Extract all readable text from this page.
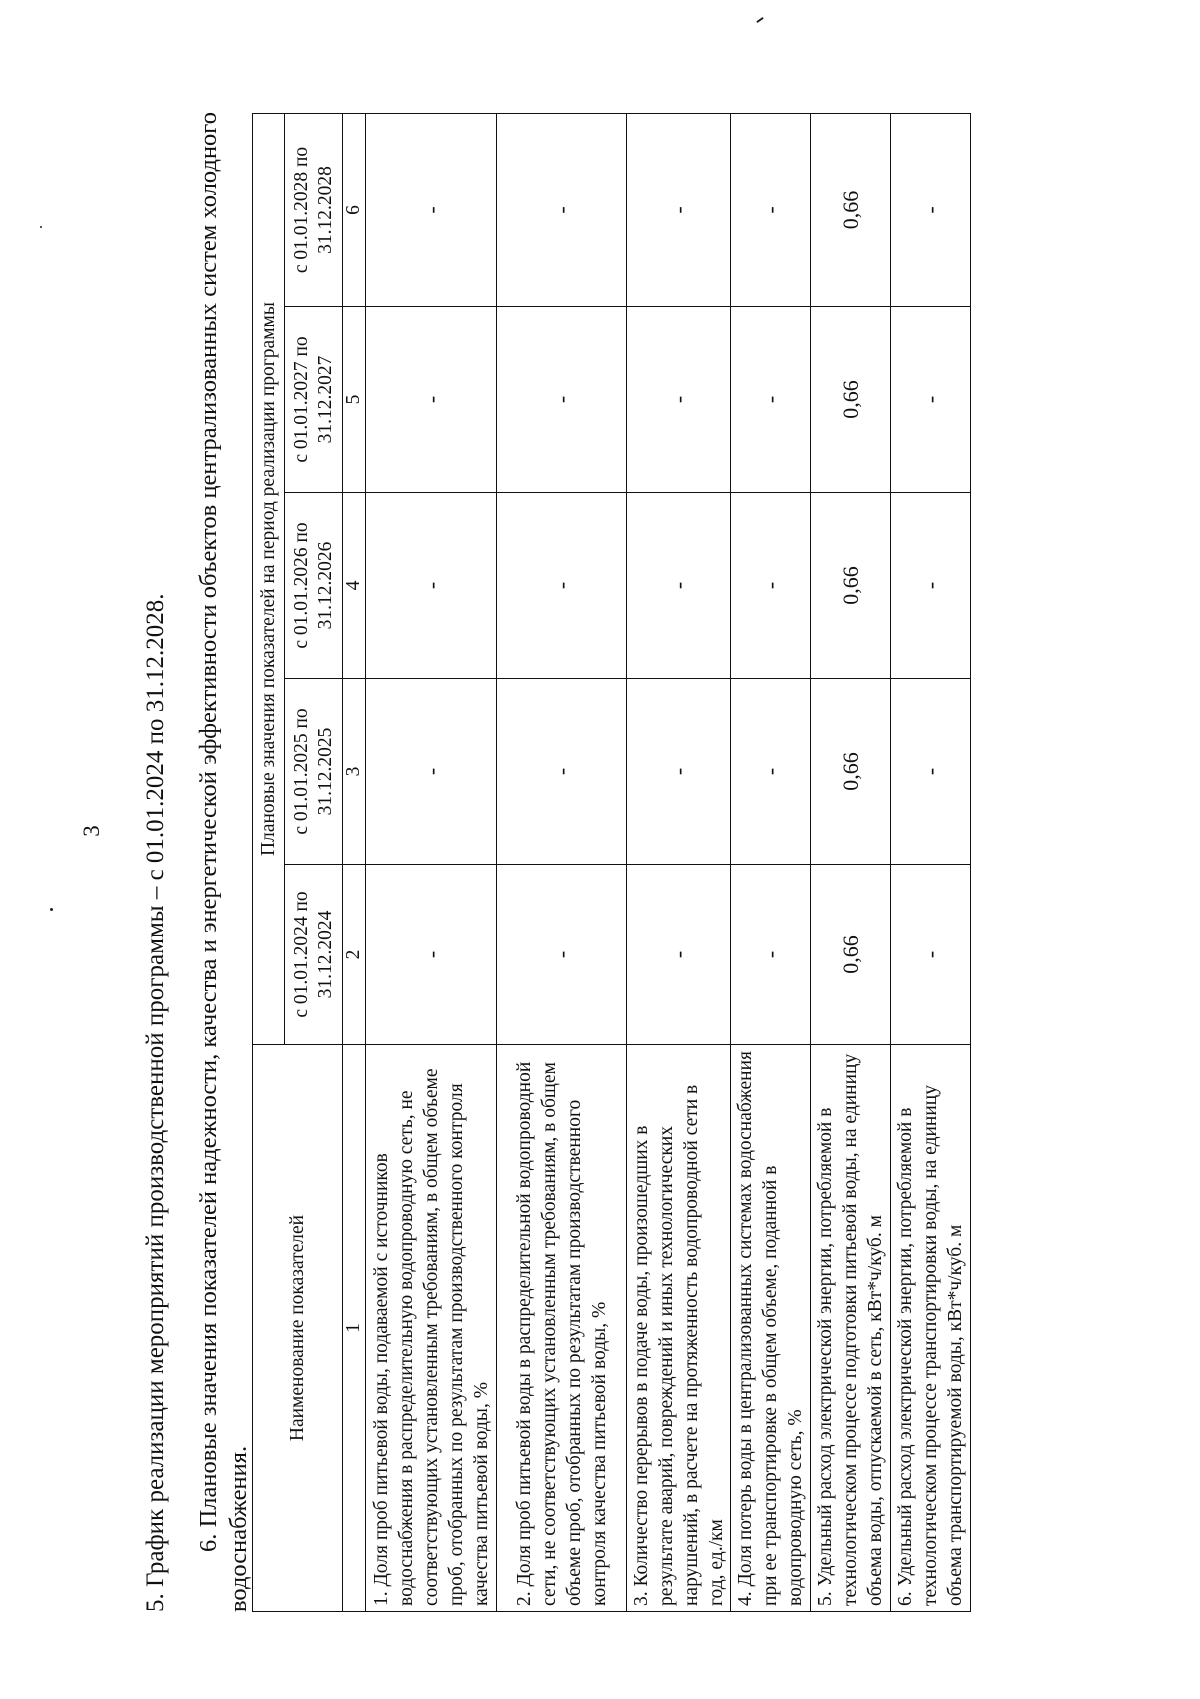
3 5. График реализации мероприятий производственной программы – с 01.01.2024 по 31.12.2028. 6. Плановые значения показателей надежности, качества и энергетической эффективности объектов централизованных систем холодного водоснабжения.
Наименование показателей	Плановые значения показателей на период реализации программы				
	с 01.01.2024 по 31.12.2024	с 01.01.2025 по 31.12.2025	с 01.01.2026 по 31.12.2026	с 01.01.2027 по 31.12.2027	с 01.01.2028 по 31.12.2028
1	2	3	4	5	6
1. Доля проб питьевой воды, подаваемой с источников водоснабжения в распределительную водопроводную сеть, не соответствующих установленным требованиям, в общем объеме проб, отобранных по результатам производственного контроля качества питьевой воды, %	-	-	-	-	-
2. Доля проб питьевой воды в распределительной водопроводной сети, не соответствующих установленным требованиям, в общем объеме проб, отобранных по результатам производственного контроля качества питьевой воды, %	-	-	-	-	-
3. Количество перерывов в подаче воды, произошедших в результате аварий, повреждений и иных технологических нарушений, в расчете на протяженность водопроводной сети в год, ед./км	-	-	-	-	-
4. Доля потерь воды в централизованных системах водоснабжения при ее транспортировке в общем объеме, поданной в водопроводную сеть, %	-	-	-	-	-
5. Удельный расход электрической энергии, потребляемой в технологическом процессе подготовки питьевой воды, на единицу объема воды, отпускаемой в сеть, кВт*ч/куб. м	0,66	0,66	0,66	0,66	0,66
6. Удельный расход электрической энергии, потребляемой в технологическом процессе транспортировки воды, на единицу объема транспортируемой воды, кВт*ч/куб. м	-	-	-	-	-
